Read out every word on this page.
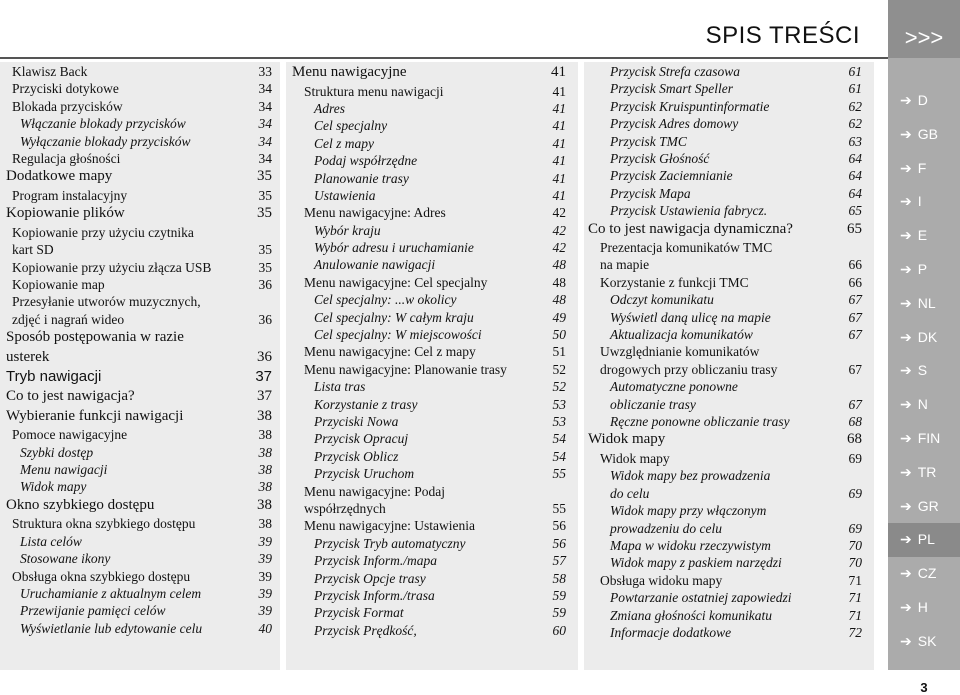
SPIS TREŚCI
Klawisz Back	33
Przyciski dotykowe	34
Blokada przycisków	34
Włączanie blokady przycisków	34
Wyłączanie blokady przycisków	34
Regulacja głośności	34
Dodatkowe mapy	35
Program instalacyjny	35
Kopiowanie plików	35
Kopiowanie przy użyciu czytnika
kart SD	35
Kopiowanie przy użyciu złącza USB	35
Kopiowanie map	36
Przesyłanie utworów muzycznych,
zdjęć i nagrań wideo	36
Sposób postępowania w razie
usterek	36
Tryb nawigacji	37
Co to jest nawigacja?	37
Wybieranie funkcji nawigacji	38
Pomoce nawigacyjne	38
Szybki dostęp	38
Menu nawigacji	38
Widok mapy	38
Okno szybkiego dostępu	38
Struktura okna szybkiego dostępu	38
Lista celów	39
Stosowane ikony	39
Obsługa okna szybkiego dostępu	39
Uruchamianie z aktualnym celem	39
Przewijanie pamięci celów	39
Wyświetlanie lub edytowanie celu	40
Menu nawigacyjne	41
Struktura menu nawigacji	41
Adres	41
Cel specjalny	41
Cel z mapy	41
Podaj współrzędne	41
Planowanie trasy	41
Ustawienia	41
Menu nawigacyjne: Adres	42
Wybór kraju	42
Wybór adresu i uruchamianie	42
Anulowanie nawigacji	48
Menu nawigacyjne: Cel specjalny	48
Cel specjalny: ...w okolicy	48
Cel specjalny: W całym kraju	49
Cel specjalny: W miejscowości	50
Menu nawigacyjne: Cel z mapy	51
Menu nawigacyjne: Planowanie trasy	52
Lista tras	52
Korzystanie z trasy	53
Przyciski Nowa	53
Przycisk Opracuj	54
Przycisk Oblicz	54
Przycisk Uruchom	55
Menu nawigacyjne: Podaj
współrzędnych	55
Menu nawigacyjne: Ustawienia	56
Przycisk Tryb automatyczny	56
Przycisk Inform./mapa	57
Przycisk Opcje trasy	58
Przycisk Inform./trasa	59
Przycisk Format	59
Przycisk Prędkość,	60
Przycisk Strefa czasowa	61
Przycisk Smart Speller	61
Przycisk Kruispuntinformatie	62
Przycisk Adres domowy	62
Przycisk TMC	63
Przycisk Głośność	64
Przycisk Zaciemnianie	64
Przycisk Mapa	64
Przycisk Ustawienia fabrycz.	65
Co to jest nawigacja dynamiczna?	65
Prezentacja komunikatów TMC
na mapie	66
Korzystanie z funkcji TMC	66
Odczyt komunikatu	67
Wyświetl daną ulicę na mapie	67
Aktualizacja komunikatów	67
Uwzględnianie komunikatów
drogowych przy obliczaniu trasy	67
Automatyczne ponowne
obliczanie trasy	67
Ręczne ponowne obliczanie trasy	68
Widok mapy	68
Widok mapy	69
Widok mapy bez prowadzenia
do celu	69
Widok mapy przy włączonym
prowadzeniu do celu	69
Mapa w widoku rzeczywistym	70
Widok mapy z paskiem narzędzi	70
Obsługa widoku mapy	71
Powtarzanie ostatniej zapowiedzi	71
Zmiana głośności komunikatu	71
Informacje dodatkowe	72
>>>
➔ D
➔ GB
➔ F
➔ I
➔ E
➔ P
➔ NL
➔ DK
➔ S
➔ N
➔ FIN
➔ TR
➔ GR
➔ PL
➔ CZ
➔ H
➔ SK
3
